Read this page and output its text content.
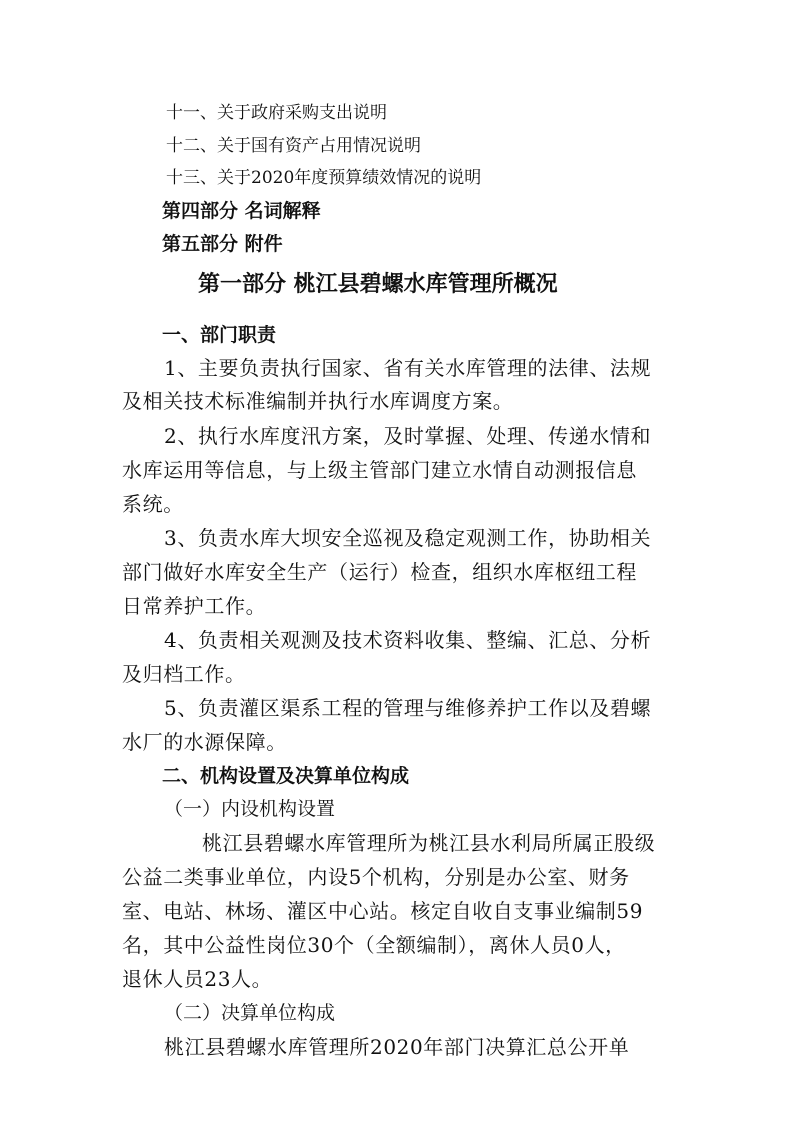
十一、关于政府采购支出说明
十二、关于国有资产占用情况说明
十三、关于2020年度预算绩效情况的说明
第四部分 名词解释
第五部分 附件
第一部分 桃江县碧螺水库管理所概况
一、部门职责
1、主要负责执行国家、省有关水库管理的法律、法规
及相关技术标准编制并执行水库调度方案。
2、执行水库度汛方案，及时掌握、处理、传递水情和
水库运用等信息，与上级主管部门建立水情自动测报信息
系统。
3、负责水库大坝安全巡视及稳定观测工作，协助相关
部门做好水库安全生产（运行）检查，组织水库枢纽工程
日常养护工作。
4、负责相关观测及技术资料收集、整编、汇总、分析
及归档工作。
5、负责灌区渠系工程的管理与维修养护工作以及碧螺
水厂的水源保障。
二、机构设置及决算单位构成
（一）内设机构设置
桃江县碧螺水库管理所为桃江县水利局所属正股级
公益二类事业单位，内设5个机构，分别是办公室、财务
室、电站、林场、灌区中心站。核定自收自支事业编制59
名，其中公益性岗位30个（全额编制），离休人员0人，
退休人员23人。
（二）决算单位构成
桃江县碧螺水库管理所2020年部门决算汇总公开单
